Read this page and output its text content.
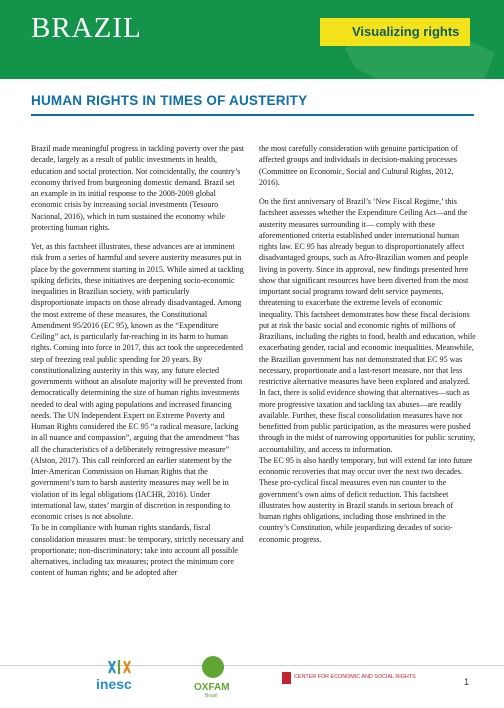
BRAZIL	Visualizing rights
HUMAN RIGHTS IN TIMES OF AUSTERITY

Brazil made meaningful progress in tackling poverty over the past decade, largely as a result of public investments in health, education and social protection. Not coincidentally, the country’s economy thrived from burgeoning domestic demand. Brazil set an example in its initial response to the 2008-2009 global economic crisis by increasing social investments (Tesouro Nacional, 2016), which in turn sustained the economy while protecting human rights.

Yet, as this factsheet illustrates, these advances are at imminent risk from a series of harmful and severe austerity measures put in place by the government starting in 2015. While aimed at tackling spiking deficits, these initiatives are deepening socio-economic inequalities in Brazilian society, with particularly disproportionate impacts on those already disadvantaged. Among the most extreme of these measures, the Constitutional Amendment 95/2016 (EC 95), known as the “Expenditure Ceiling” act, is particularly far-reaching in its harm to human rights. Coming into force in 2017, this act took the unprecedented step of freezing real public spending for 20 years. By constitutionalizing austerity in this way, any future elected governments without an absolute majority will be prevented from democratically determining the size of human rights investments needed to deal with aging populations and increased financing needs. The UN Independent Expert on Extreme Poverty and Human Rights considered the EC 95 “a radical measure, lacking in all nuance and compassion”, arguing that the amendment “has all the characteristics of a deliberately retrogressive measure” (Alston, 2017). This call reinforced an earlier statement by the Inter-American Commission on Human Rights that the government’s turn to harsh austerity measures may well be in violation of its legal obligations (IACHR, 2016). Under international law, states’ margin of discretion in responding to economic crises is not absolute.

To be in compliance with human rights standards, fiscal consolidation measures must: be temporary, strictly necessary and proportionate; non-discriminatory; take into account all possible alternatives, including tax measures; protect the minimum core content of human rights; and be adopted after

the most carefully consideration with genuine participation of affected groups and individuals in decision-making processes (Committee on Economic, Social and Cultural Rights, 2012, 2016).

On the first anniversary of Brazil’s ‘New Fiscal Regime,’ this factsheet assesses whether the Expenditure Ceiling Act—and the austerity measures surrounding it— comply with these aforementioned criteria established under international human rights law. EC 95 has already begun to disproportionately affect disadvantaged groups, such as Afro-Brazilian women and people living in poverty. Since its approval, new findings presented here show that significant resources have been diverted from the most important social programs toward debt service payments, threatening to exacerbate the extreme levels of economic inequality. This factsheet demonstrates how these fiscal decisions put at risk the basic social and economic rights of millions of Brazilians, including the rights to food, health and education, while exacerbating gender, racial and economic inequalities. Meanwhile, the Brazilian government has not demonstrated that EC 95 was necessary, proportionate and a last-resort measure, nor that less restrictive alternative measures have been explored and analyzed. In fact, there is solid evidence showing that alternatives—such as more progressive taxation and tackling tax abuses—are readily available. Further, these fiscal consolidation measures have not benefitted from public participation, as the measures were pushed through in the midst of narrowing opportunities for public scrutiny, accountability, and access to information.

The EC 95 is also hardly temporary, but will extend far into future economic recoveries that may occur over the next two decades. These pro-cyclical fiscal measures even run counter to the government’s own aims of deficit reduction. This factsheet illustrates how austerity in Brazil stands in serious breach of human rights obligations, including those enshrined in the country’s Constitution, while jeopardizing decades of socio-economic progress.

inesc	OXFAM
Brasil
CENTER FOR ECONOMIC AND SOCIAL RIGHTS	1
